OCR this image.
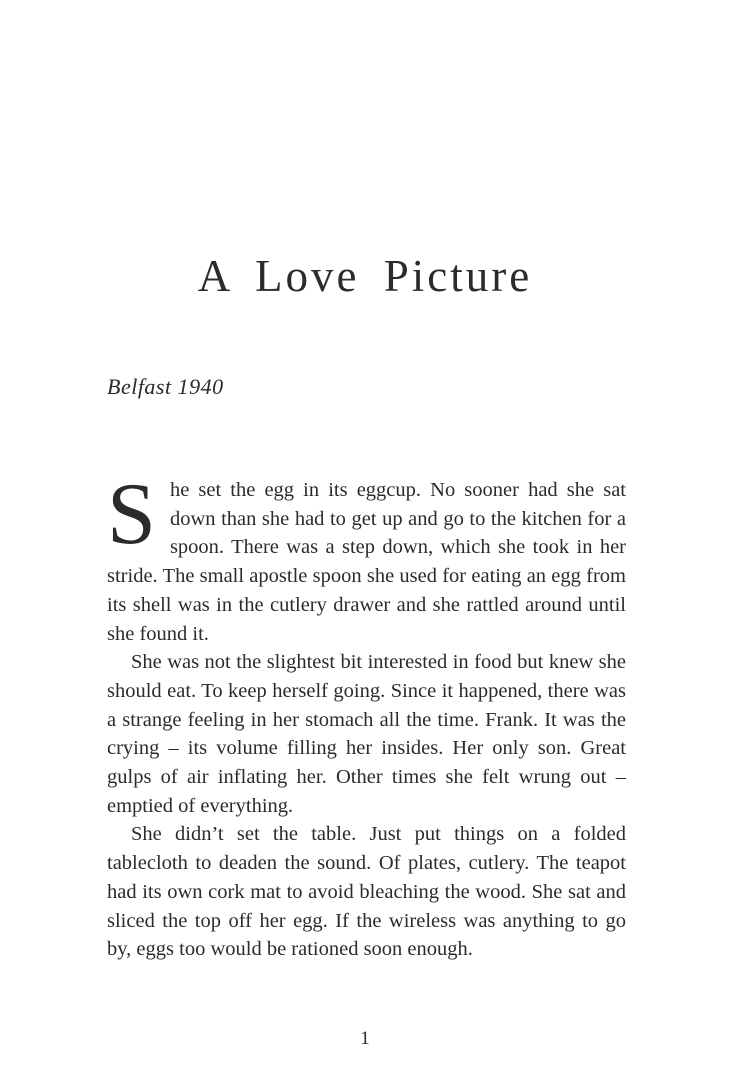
A Love Picture

Belfast 1940

She set the egg in its eggcup. No sooner had she sat down than she had to get up and go to the kitchen for a spoon. There was a step down, which she took in her stride. The small apostle spoon she used for eating an egg from its shell was in the cutlery drawer and she rattled around until she found it.

She was not the slightest bit interested in food but knew she should eat. To keep herself going. Since it happened, there was a strange feeling in her stomach all the time. Frank. It was the crying – its volume filling her insides. Her only son. Great gulps of air inflating her. Other times she felt wrung out – emptied of everything.

She didn’t set the table. Just put things on a folded tablecloth to deaden the sound. Of plates, cutlery. The teapot had its own cork mat to avoid bleaching the wood. She sat and sliced the top off her egg. If the wireless was anything to go by, eggs too would be rationed soon enough.

1
